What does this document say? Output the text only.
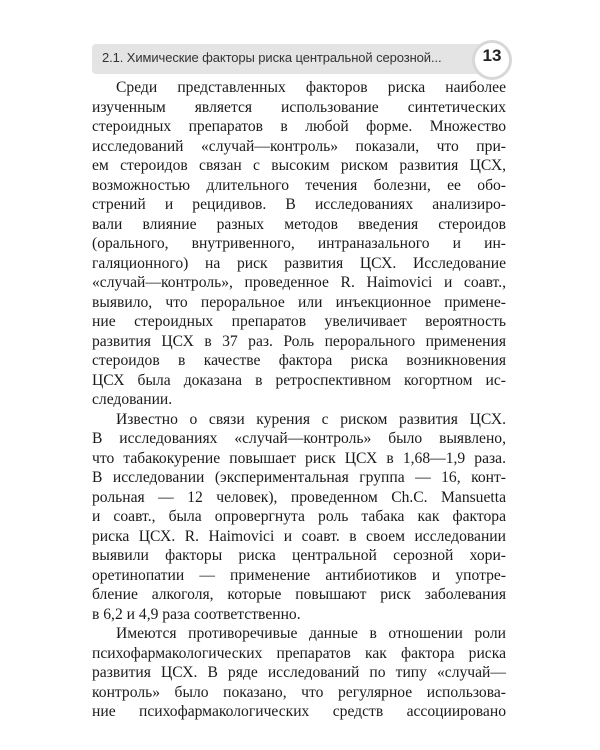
2.1. Химические факторы риска центральной серозной...	13
Среди представленных факторов риска наиболее
изученным является использование синтетических
стероидных препаратов в любой форме. Множество
исследований «случай—контроль» показали, что при-
ем стероидов связан с высоким риском развития ЦСХ,
возможностью длительного течения болезни, ее обо-
стрений и рецидивов. В исследованиях анализиро-
вали влияние разных методов введения стероидов
(орального, внутривенного, интраназального и ин-
галяционного) на риск развития ЦСХ. Исследование
«случай—контроль», проведенное R. Haimovici и соавт.,
выявило, что пероральное или инъекционное примене-
ние стероидных препаратов увеличивает вероятность
развития ЦСХ в 37 раз. Роль перорального применения
стероидов в качестве фактора риска возникновения
ЦСХ была доказана в ретроспективном когортном ис-
следовании.
Известно о связи курения с риском развития ЦСХ.
В исследованиях «случай—контроль» было выявлено,
что табакокурение повышает риск ЦСХ в 1,68—1,9 раза.
В исследовании (экспериментальная группа — 16, конт-
рольная — 12 человек), проведенном Ch.C. Mansuetta
и соавт., была опровергнута роль табака как фактора
риска ЦСХ. R. Haimovici и соавт. в своем исследовании
выявили факторы риска центральной серозной хори-
оретинопатии — применение антибиотиков и употре-
бление алкоголя, которые повышают риск заболевания
в 6,2 и 4,9 раза соответственно.
Имеются противоречивые данные в отношении роли
психофармакологических препаратов как фактора риска
развития ЦСХ. В ряде исследований по типу «случай—
контроль» было показано, что регулярное использова-
ние психофармакологических средств ассоциировано
